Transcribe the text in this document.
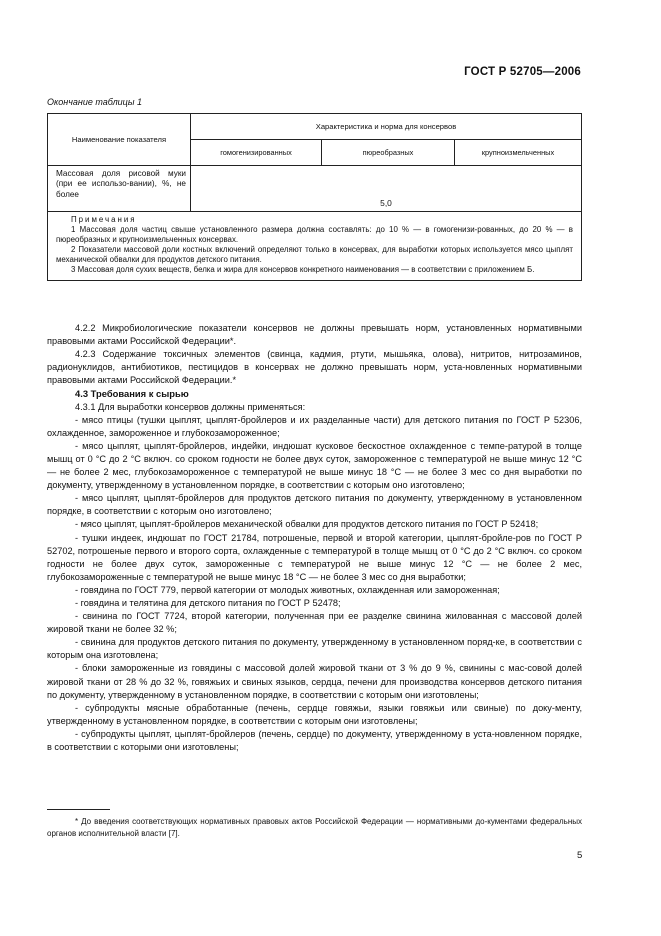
ГОСТ Р 52705—2006
Окончание таблицы 1
Наименование показателя	Характеристика и норма для консервов		
	гомогенизированных	пюреобразных	крупноизмельченных
Массовая доля рисовой муки (при ее использо-вании), %, не более	5,0		

Примечания

1 Массовая доля частиц свыше установленного размера должна составлять: до 10 % — в гомогенизи-рованных, до 20 % — в пюреобразных и крупноизмельченных консервах.

2 Показатели массовой доли костных включений определяют только в консервах, для выработки которых используется мясо цыплят механической обвалки для продуктов детского питания.

3 Массовая доля сухих веществ, белка и жира для консервов конкретного наименования — в соответствии с приложением Б.			

4.2.2 Микробиологические показатели консервов не должны превышать норм, установленных нормативными правовыми актами Российской Федерации*.

4.2.3 Содержание токсичных элементов (свинца, кадмия, ртути, мышьяка, олова), нитритов, нитрозаминов, радионуклидов, антибиотиков, пестицидов в консервах не должно превышать норм, уста-новленных нормативными правовыми актами Российской Федерации.*

4.3 Требования к сырью

4.3.1 Для выработки консервов должны применяться:

- мясо птицы (тушки цыплят, цыплят-бройлеров и их разделанные части) для детского питания по ГОСТ Р 52306, охлажденное, замороженное и глубокозамороженное;

- мясо цыплят, цыплят-бройлеров, индейки, индюшат кусковое бескостное охлажденное с темпе-ратурой в толще мышц от 0 °С до 2 °С включ. со сроком годности не более двух суток, замороженное с температурой не выше минус 12 °С — не более 2 мес, глубокозамороженное с температурой не выше минус 18 °С — не более 3 мес со дня выработки по документу, утвержденному в установленном порядке, в соответствии с которым оно изготовлено;

- мясо цыплят, цыплят-бройлеров для продуктов детского питания по документу, утвержденному в установленном порядке, в соответствии с которым оно изготовлено;

- мясо цыплят, цыплят-бройлеров механической обвалки для продуктов детского питания по ГОСТ Р 52418;

- тушки индеек, индюшат по ГОСТ 21784, потрошеные, первой и второй категории, цыплят-бройле-ров по ГОСТ Р 52702, потрошеные первого и второго сорта, охлажденные с температурой в толще мышц от 0 °С до 2 °С включ. со сроком годности не более двух суток, замороженные с температурой не выше минус 12 °С — не более 2 мес, глубокозамороженные с температурой не выше минус 18 °С — не более 3 мес со дня выработки;

- говядина по ГОСТ 779, первой категории от молодых животных, охлажденная или замороженная;

- говядина и телятина для детского питания по ГОСТ Р 52478;

- свинина по ГОСТ 7724, второй категории, полученная при ее разделке свинина жилованная с массовой долей жировой ткани не более 32 %;

- свинина для продуктов детского питания по документу, утвержденному в установленном поряд-ке, в соответствии с которым она изготовлена;

- блоки замороженные из говядины с массовой долей жировой ткани от 3 % до 9 %, свинины с мас-совой долей жировой ткани от 28 % до 32 %, говяжьих и свиных языков, сердца, печени для производства консервов детского питания по документу, утвержденному в установленном порядке, в соответствии с которым они изготовлены;

- субпродукты мясные обработанные (печень, сердце говяжьи, языки говяжьи или свиные) по доку-менту, утвержденному в установленном порядке, в соответствии с которым они изготовлены;

- субпродукты цыплят, цыплят-бройлеров (печень, сердце) по документу, утвержденному в уста-новленном порядке, в соответствии с которыми они изготовлены;

* До введения соответствующих нормативных правовых актов Российской Федерации — нормативными до-кументами федеральных органов исполнительной власти [7].
5
